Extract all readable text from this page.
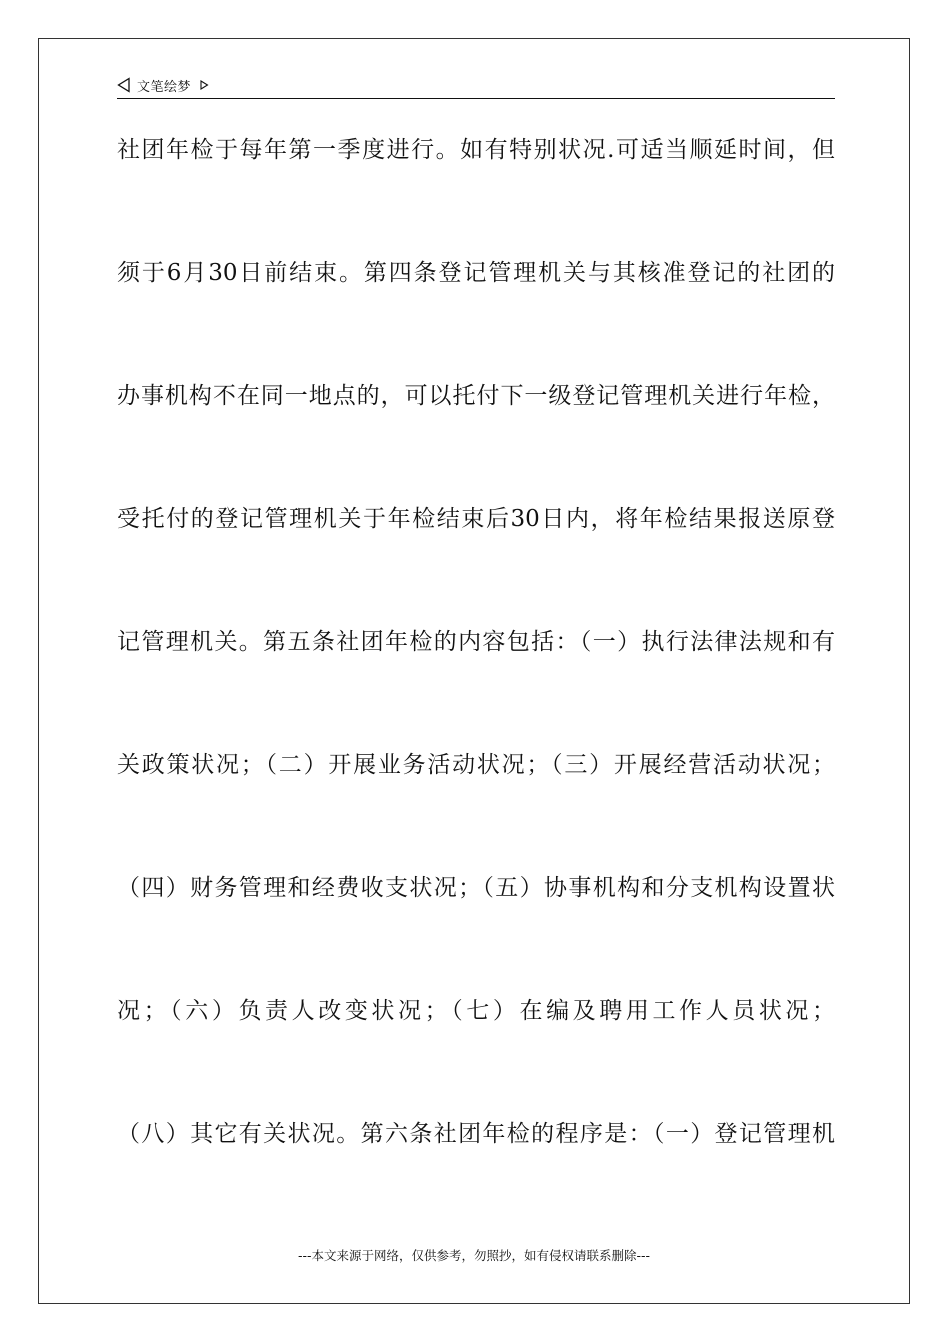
文笔绘梦
社团年检于每年第一季度进行。如有特别状况.可适当顺延时间，但
须于6月30日前结束。第四条登记管理机关与其核准登记的社团的
办事机构不在同一地点的，可以托付下一级登记管理机关进行年检，
受托付的登记管理机关于年检结束后30日内，将年检结果报送原登
记管理机关。第五条社团年检的内容包括：（一）执行法律法规和有
关政策状况；（二）开展业务活动状况；（三）开展经营活动状况；
（四）财务管理和经费收支状况；（五）协事机构和分支机构设置状
况；（六）负责人改变状况；（七）在编及聘用工作人员状况；
（八）其它有关状况。第六条社团年检的程序是：（一）登记管理机
---本文来源于网络，仅供参考，勿照抄，如有侵权请联系删除---
